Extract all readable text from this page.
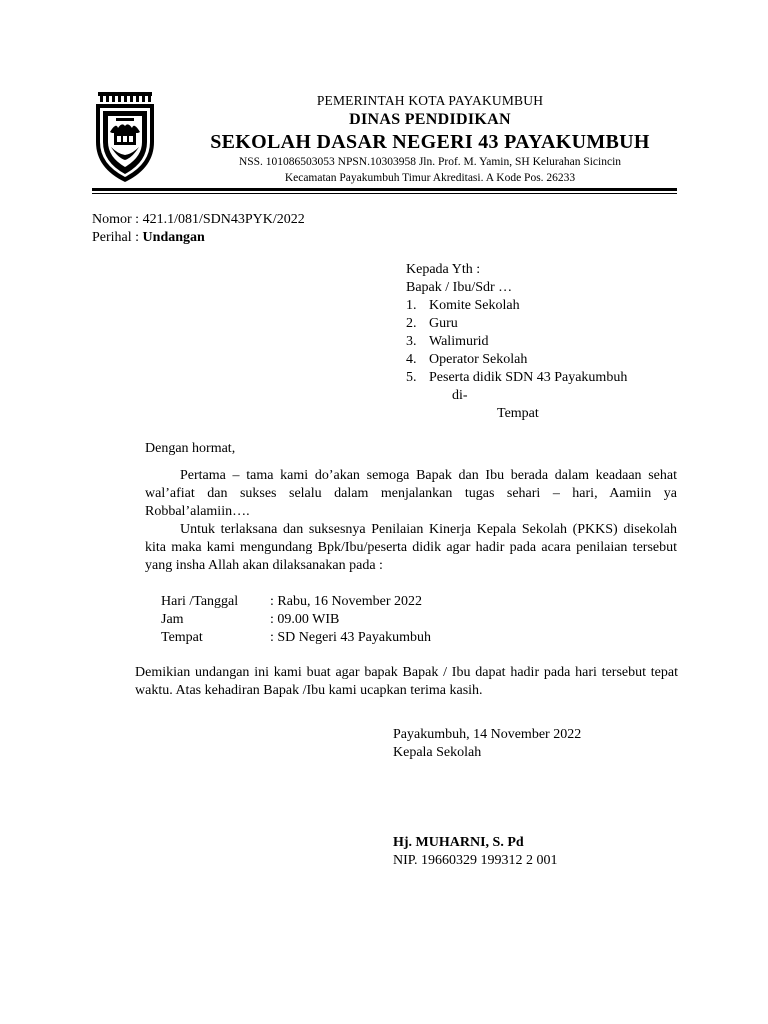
PEMERINTAH KOTA PAYAKUMBUH
DINAS PENDIDIKAN
SEKOLAH DASAR NEGERI 43 PAYAKUMBUH
NSS. 101086503053 NPSN.10303958 Jln. Prof. M. Yamin, SH Kelurahan Sicincin
Kecamatan Payakumbuh Timur Akreditasi. A Kode Pos. 26233
Nomor : 421.1/081/SDN43PYK/2022
Perihal : Undangan
Kepada Yth :
Bapak / Ibu/Sdr …
1. Komite Sekolah
2. Guru
3. Walimurid
4. Operator Sekolah
5. Peserta didik SDN 43 Payakumbuh
di-
Tempat
Dengan hormat,
Pertama – tama kami do’akan semoga Bapak dan Ibu berada dalam keadaan sehat wal’afiat dan sukses selalu dalam menjalankan tugas sehari – hari, Aamiin ya Robbal’alamiin….
Untuk terlaksana dan suksesnya Penilaian Kinerja Kepala Sekolah (PKKS) disekolah kita maka kami mengundang Bpk/Ibu/peserta didik agar hadir pada acara penilaian tersebut yang insha Allah akan dilaksanakan pada :
Hari /Tanggal : Rabu, 16 November 2022
Jam	: 09.00 WIB
Tempat	: SD Negeri 43 Payakumbuh
Demikian undangan ini kami buat agar bapak Bapak / Ibu dapat hadir pada hari tersebut tepat waktu. Atas kehadiran Bapak /Ibu kami ucapkan terima kasih.
Payakumbuh, 14 November 2022
Kepala Sekolah
Hj. MUHARNI, S. Pd
NIP. 19660329 199312 2 001
